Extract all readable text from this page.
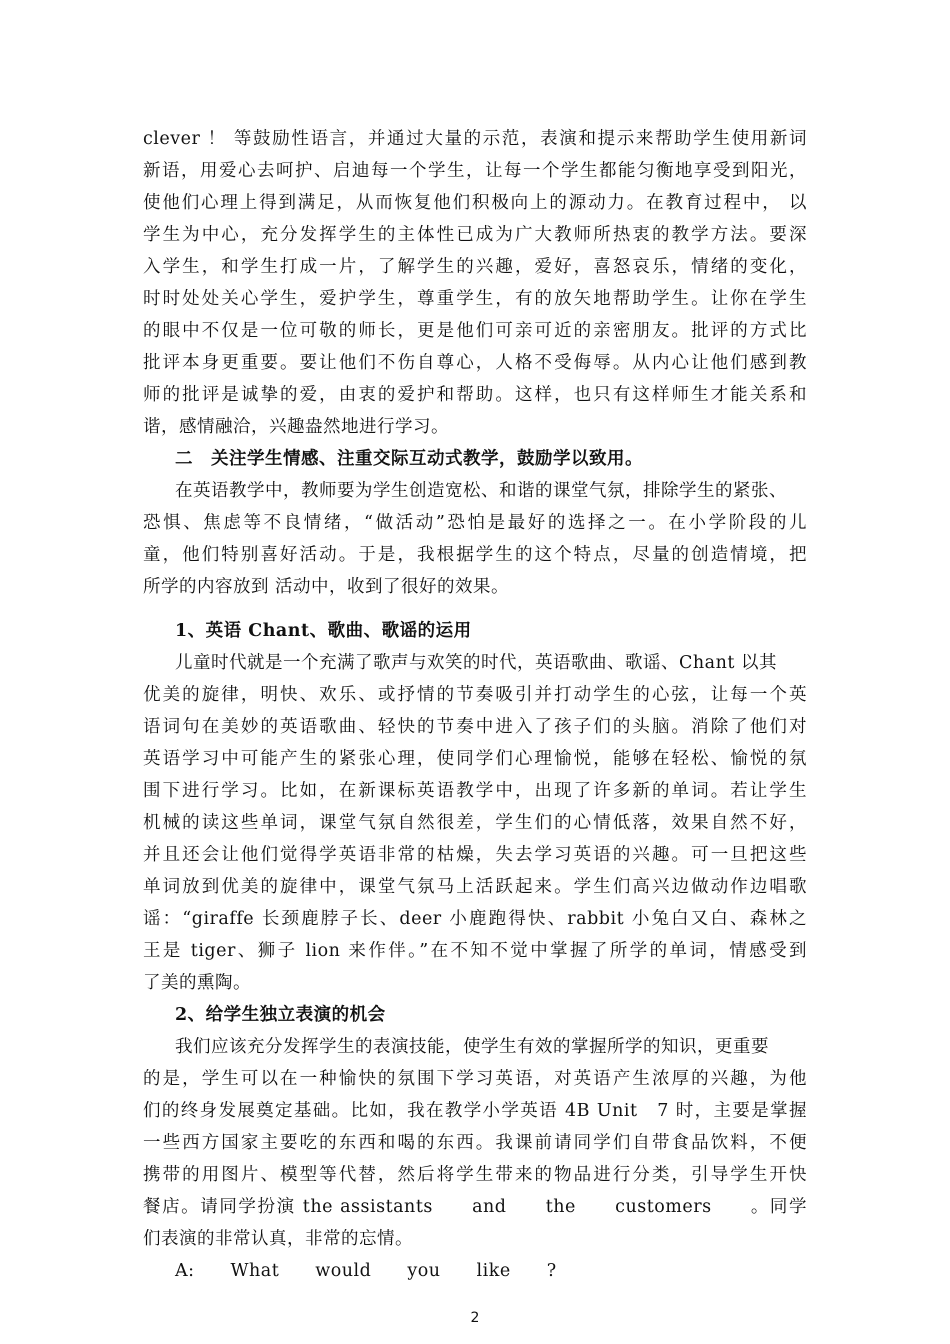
clever ！ 等鼓励性语言，并通过大量的示范，表演和提示来帮助学生使用新词
新语，用爱心去呵护、启迪每一个学生，让每一个学生都能匀衡地享受到阳光，
使他们心理上得到满足，从而恢复他们积极向上的源动力。在教育过程中， 以
学生为中心，充分发挥学生的主体性已成为广大教师所热衷的教学方法。要深
入学生，和学生打成一片，了解学生的兴趣，爱好，喜怒哀乐，情绪的变化，
时时处处关心学生，爱护学生，尊重学生，有的放矢地帮助学生。让你在学生
的眼中不仅是一位可敬的师长，更是他们可亲可近的亲密朋友。批评的方式比
批评本身更重要。要让他们不伤自尊心，人格不受侮辱。从内心让他们感到教
师的批评是诚挚的爱，由衷的爱护和帮助。这样，也只有这样师生才能关系和
谐，感情融洽，兴趣盎然地进行学习。
二　关注学生情感、注重交际互动式教学，鼓励学以致用。
在英语教学中，教师要为学生创造宽松、和谐的课堂气氛，排除学生的紧张、
恐惧、焦虑等不良情绪，“做活动”恐怕是最好的选择之一。在小学阶段的儿
童，他们特别喜好活动。于是，我根据学生的这个特点，尽量的创造情境，把
所学的内容放到 活动中，收到了很好的效果。
1、英语 Chant、歌曲、歌谣的运用
儿童时代就是一个充满了歌声与欢笑的时代，英语歌曲、歌谣、Chant 以其
优美的旋律，明快、欢乐、或抒情的节奏吸引并打动学生的心弦，让每一个英
语词句在美妙的英语歌曲、轻快的节奏中进入了孩子们的头脑。消除了他们对
英语学习中可能产生的紧张心理，使同学们心理愉悦，能够在轻松、愉悦的氛
围下进行学习。比如，在新课标英语教学中，出现了许多新的单词。若让学生
机械的读这些单词，课堂气氛自然很差，学生们的心情低落，效果自然不好，
并且还会让他们觉得学英语非常的枯燥，失去学习英语的兴趣。可一旦把这些
单词放到优美的旋律中，课堂气氛马上活跃起来。学生们高兴边做动作边唱歌
谣：“giraffe 长颈鹿脖子长、deer 小鹿跑得快、rabbit 小兔白又白、森林之
王是 tiger、狮子 lion 来作伴。”在不知不觉中掌握了所学的单词，情感受到
了美的熏陶。
2、给学生独立表演的机会
我们应该充分发挥学生的表演技能，使学生有效的掌握所学的知识，更重要
的是，学生可以在一种愉快的氛围下学习英语，对英语产生浓厚的兴趣，为他
们的终身发展奠定基础。比如，我在教学小学英语 4B Unit　7 时，主要是掌握
一些西方国家主要吃的东西和喝的东西。我课前请同学们自带食品饮料，不便
携带的用图片、模型等代替，然后将学生带来的物品进行分类，引导学生开快
餐店。请同学扮演 the assistants　　and　　the　　customers　　。同学
们表演的非常认真，非常的忘情。
A:　　What　　would　　you　　like　　?
2
